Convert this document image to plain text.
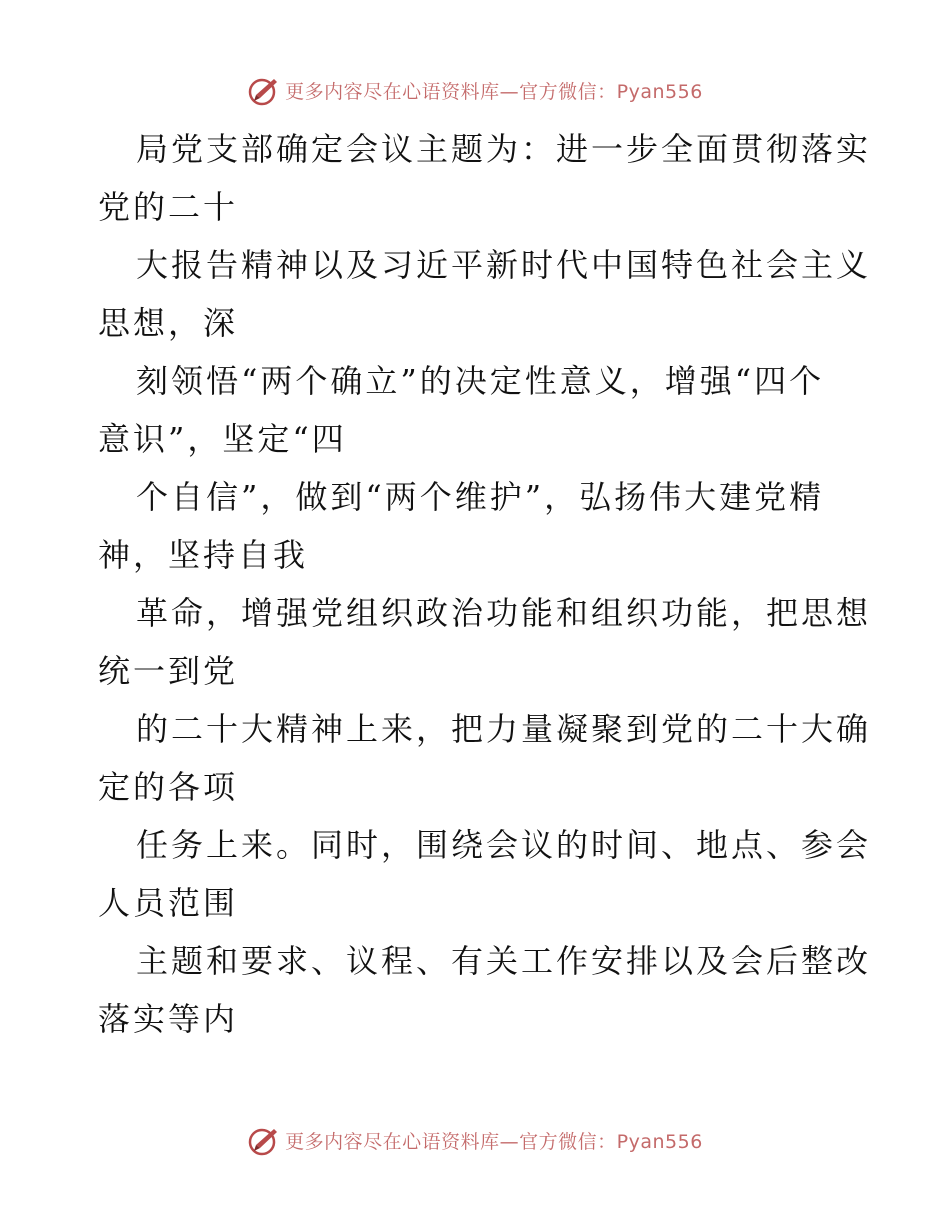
更多内容尽在心语资料库—官方微信：Pyan556
局党支部确定会议主题为：进一步全面贯彻落实
党的二十
大报告精神以及习近平新时代中国特色社会主义
思想，深
刻领悟“两个确立”的决定性意义，增强“四个
意识”，坚定“四
个自信”，做到“两个维护”，弘扬伟大建党精
神，坚持自我
革命，增强党组织政治功能和组织功能，把思想
统一到党
的二十大精神上来，把力量凝聚到党的二十大确
定的各项
任务上来。同时，围绕会议的时间、地点、参会
人员范围
主题和要求、议程、有关工作安排以及会后整改
落实等内
更多内容尽在心语资料库—官方微信：Pyan556
